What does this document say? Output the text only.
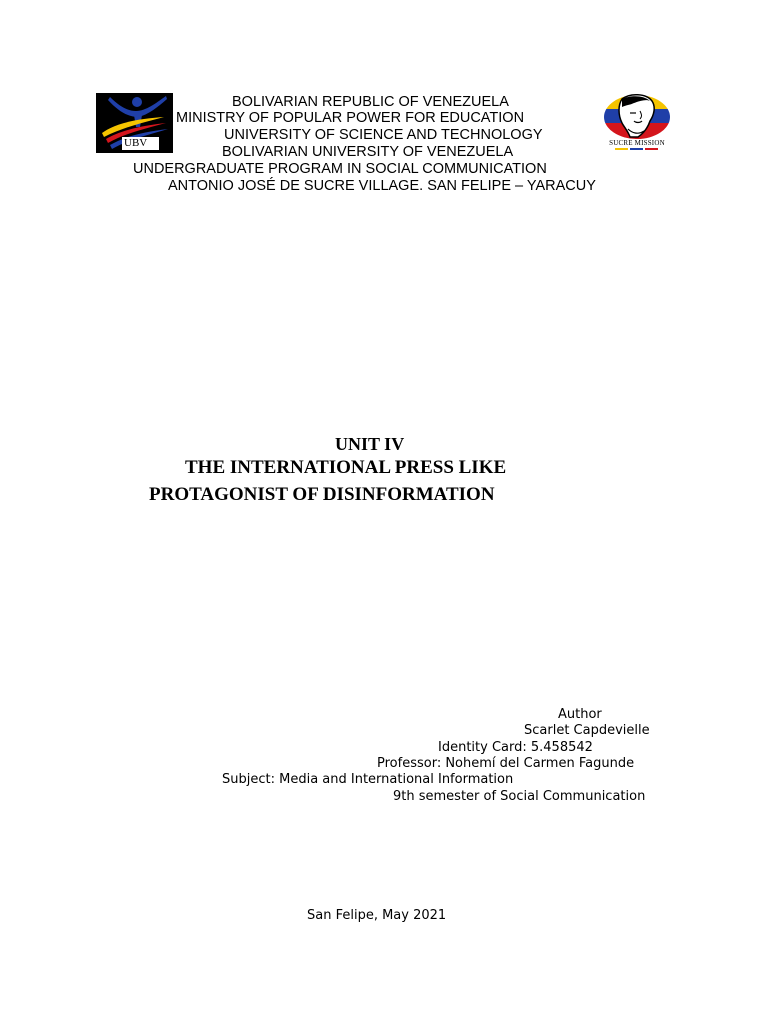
UBV	SUCRE MISSION
BOLIVARIAN REPUBLIC OF VENEZUELA
MINISTRY OF POPULAR POWER FOR EDUCATION
UNIVERSITY OF SCIENCE AND TECHNOLOGY
BOLIVARIAN UNIVERSITY OF VENEZUELA
UNDERGRADUATE PROGRAM IN SOCIAL COMMUNICATION
ANTONIO JOSÉ DE SUCRE VILLAGE. SAN FELIPE – YARACUY
UNIT IV
THE INTERNATIONAL PRESS LIKE
PROTAGONIST OF DISINFORMATION
Author
Scarlet Capdevielle
Identity Card: 5.458542
Professor: Nohemí del Carmen Fagunde
Subject: Media and International Information
9th semester of Social Communication
San Felipe, May 2021
